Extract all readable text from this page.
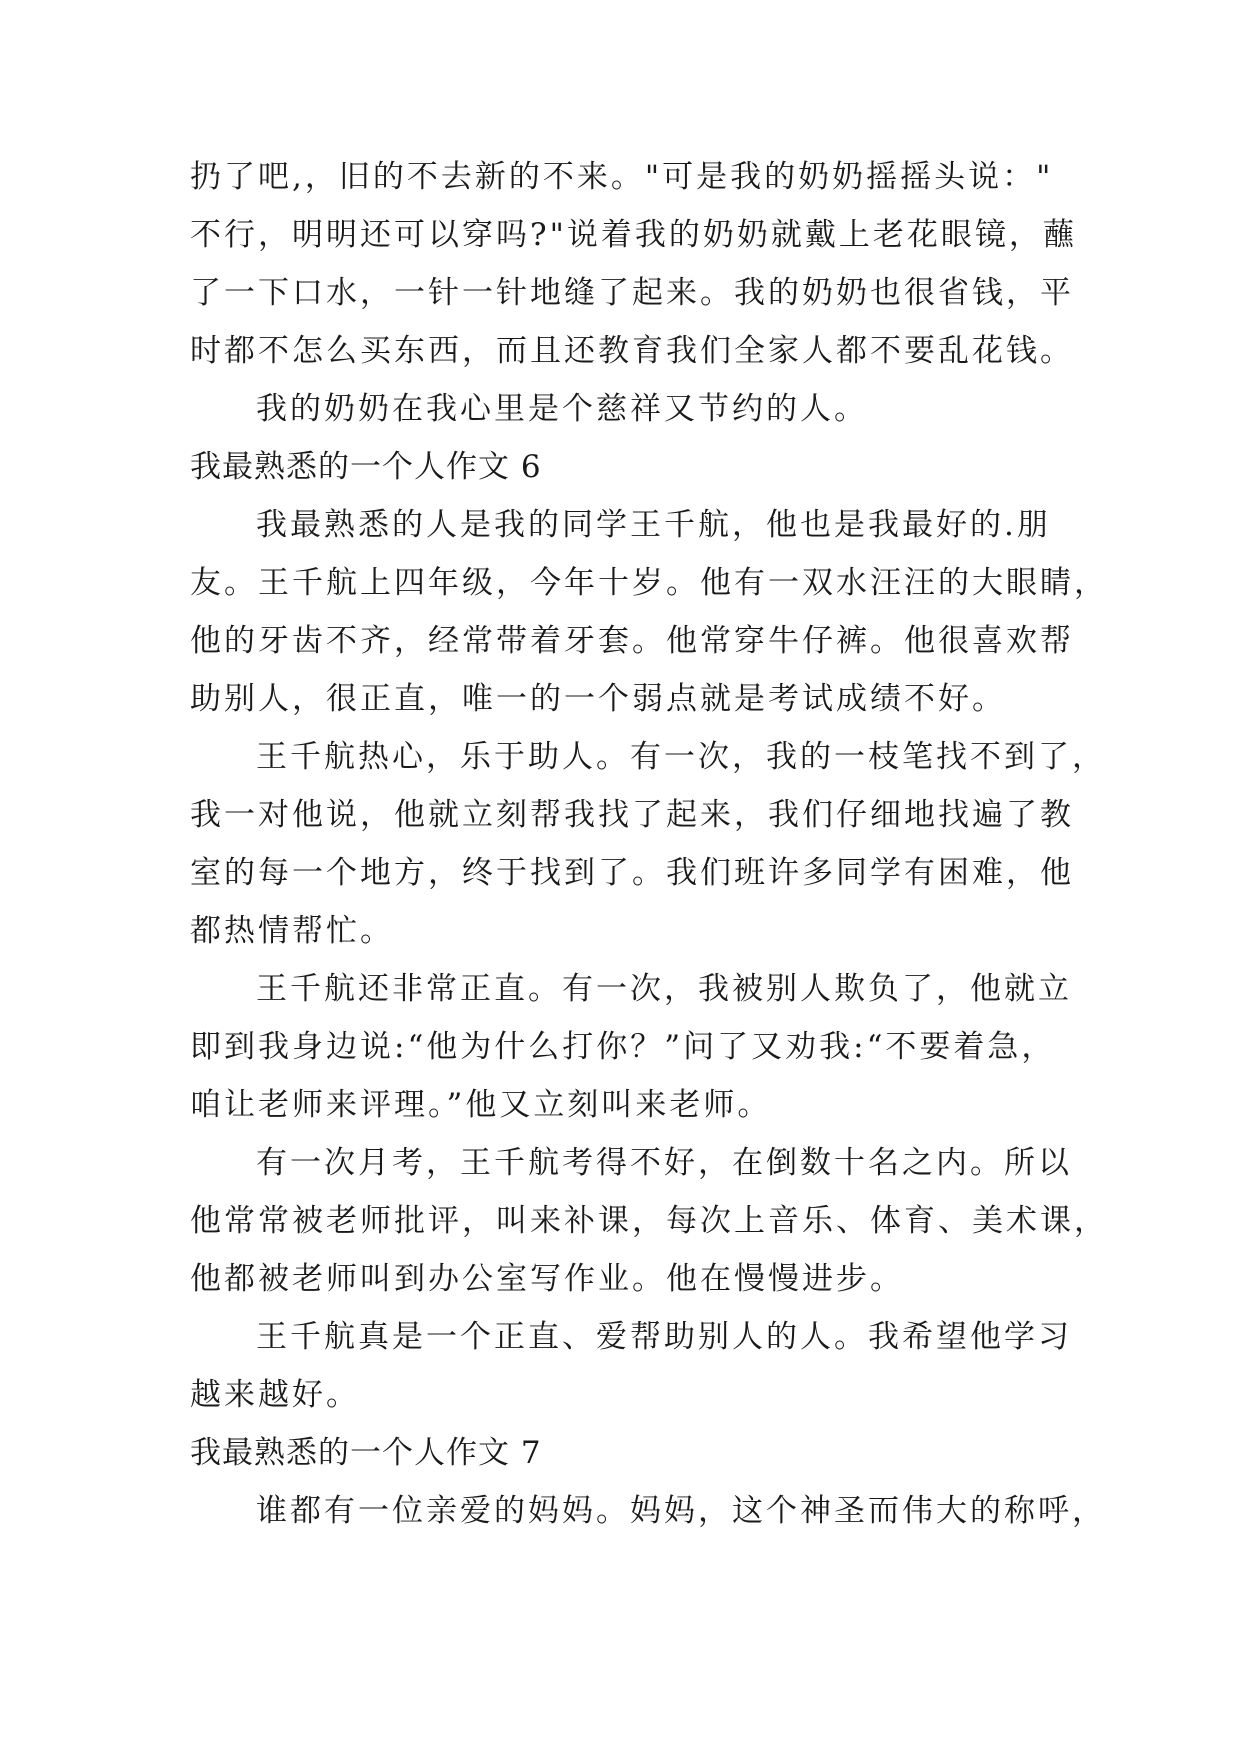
扔了吧,，旧的不去新的不来。"可是我的奶奶摇摇头说："
不行，明明还可以穿吗?"说着我的奶奶就戴上老花眼镜，蘸
了一下口水，一针一针地缝了起来。我的奶奶也很省钱，平
时都不怎么买东西，而且还教育我们全家人都不要乱花钱。
我的奶奶在我心里是个慈祥又节约的人。
我最熟悉的一个人作文 6
我最熟悉的人是我的同学王千航，他也是我最好的.朋
友。王千航上四年级，今年十岁。他有一双水汪汪的大眼睛，
他的牙齿不齐，经常带着牙套。他常穿牛仔裤。他很喜欢帮
助别人，很正直，唯一的一个弱点就是考试成绩不好。
王千航热心，乐于助人。有一次，我的一枝笔找不到了，
我一对他说，他就立刻帮我找了起来，我们仔细地找遍了教
室的每一个地方，终于找到了。我们班许多同学有困难，他
都热情帮忙。
王千航还非常正直。有一次，我被别人欺负了，他就立
即到我身边说:“他为什么打你？”问了又劝我:“不要着急，
咱让老师来评理。”他又立刻叫来老师。
有一次月考，王千航考得不好，在倒数十名之内。所以
他常常被老师批评，叫来补课，每次上音乐、体育、美术课，
他都被老师叫到办公室写作业。他在慢慢进步。
王千航真是一个正直、爱帮助别人的人。我希望他学习
越来越好。
我最熟悉的一个人作文 7
谁都有一位亲爱的妈妈。妈妈，这个神圣而伟大的称呼，
